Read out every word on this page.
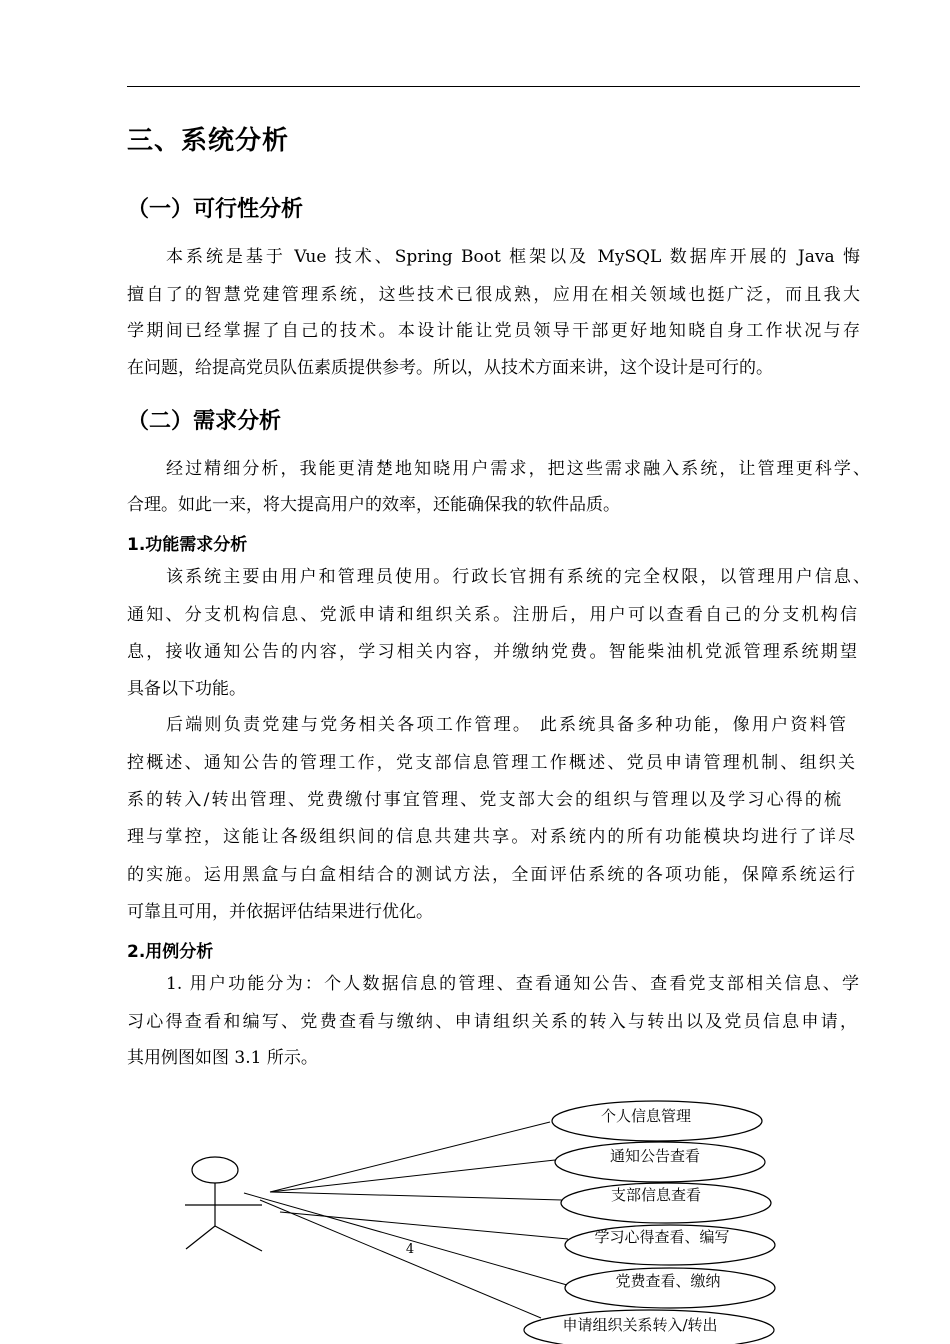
三、系统分析
（一）可行性分析
本系统是基于 Vue 技术、Spring Boot 框架以及 MySQL 数据库开展的 Java 悔
擅自了的智慧党建管理系统，这些技术已很成熟，应用在相关领域也挺广泛，而且我大
学期间已经掌握了自己的技术。本设计能让党员领导干部更好地知晓自身工作状况与存
在问题，给提高党员队伍素质提供参考。所以，从技术方面来讲，这个设计是可行的。
（二）需求分析
经过精细分析，我能更清楚地知晓用户需求，把这些需求融入系统，让管理更科学、
合理。如此一来，将大提高用户的效率，还能确保我的软件品质。
1.功能需求分析
该系统主要由用户和管理员使用。行政长官拥有系统的完全权限，以管理用户信息、
通知、分支机构信息、党派申请和组织关系。注册后，用户可以查看自己的分支机构信
息，接收通知公告的内容，学习相关内容，并缴纳党费。智能柴油机党派管理系统期望
具备以下功能。
后端则负责党建与党务相关各项工作管理。 此系统具备多种功能，像用户资料管
控概述、通知公告的管理工作，党支部信息管理工作概述、党员申请管理机制、组织关
系的转入/转出管理、党费缴付事宜管理、党支部大会的组织与管理以及学习心得的梳
理与掌控，这能让各级组织间的信息共建共享。对系统内的所有功能模块均进行了详尽
的实施。运用黑盒与白盒相结合的测试方法，全面评估系统的各项功能，保障系统运行
可靠且可用，并依据评估结果进行优化。
2.用例分析
1. 用户功能分为：个人数据信息的管理、查看通知公告、查看党支部相关信息、学
习心得查看和编写、党费查看与缴纳、申请组织关系的转入与转出以及党员信息申请，
其用例图如图 3.1 所示。
个人信息管理
通知公告查看
支部信息查看
学习心得查看、编写
党费查看、缴纳
申请组织关系转入/转出
4
